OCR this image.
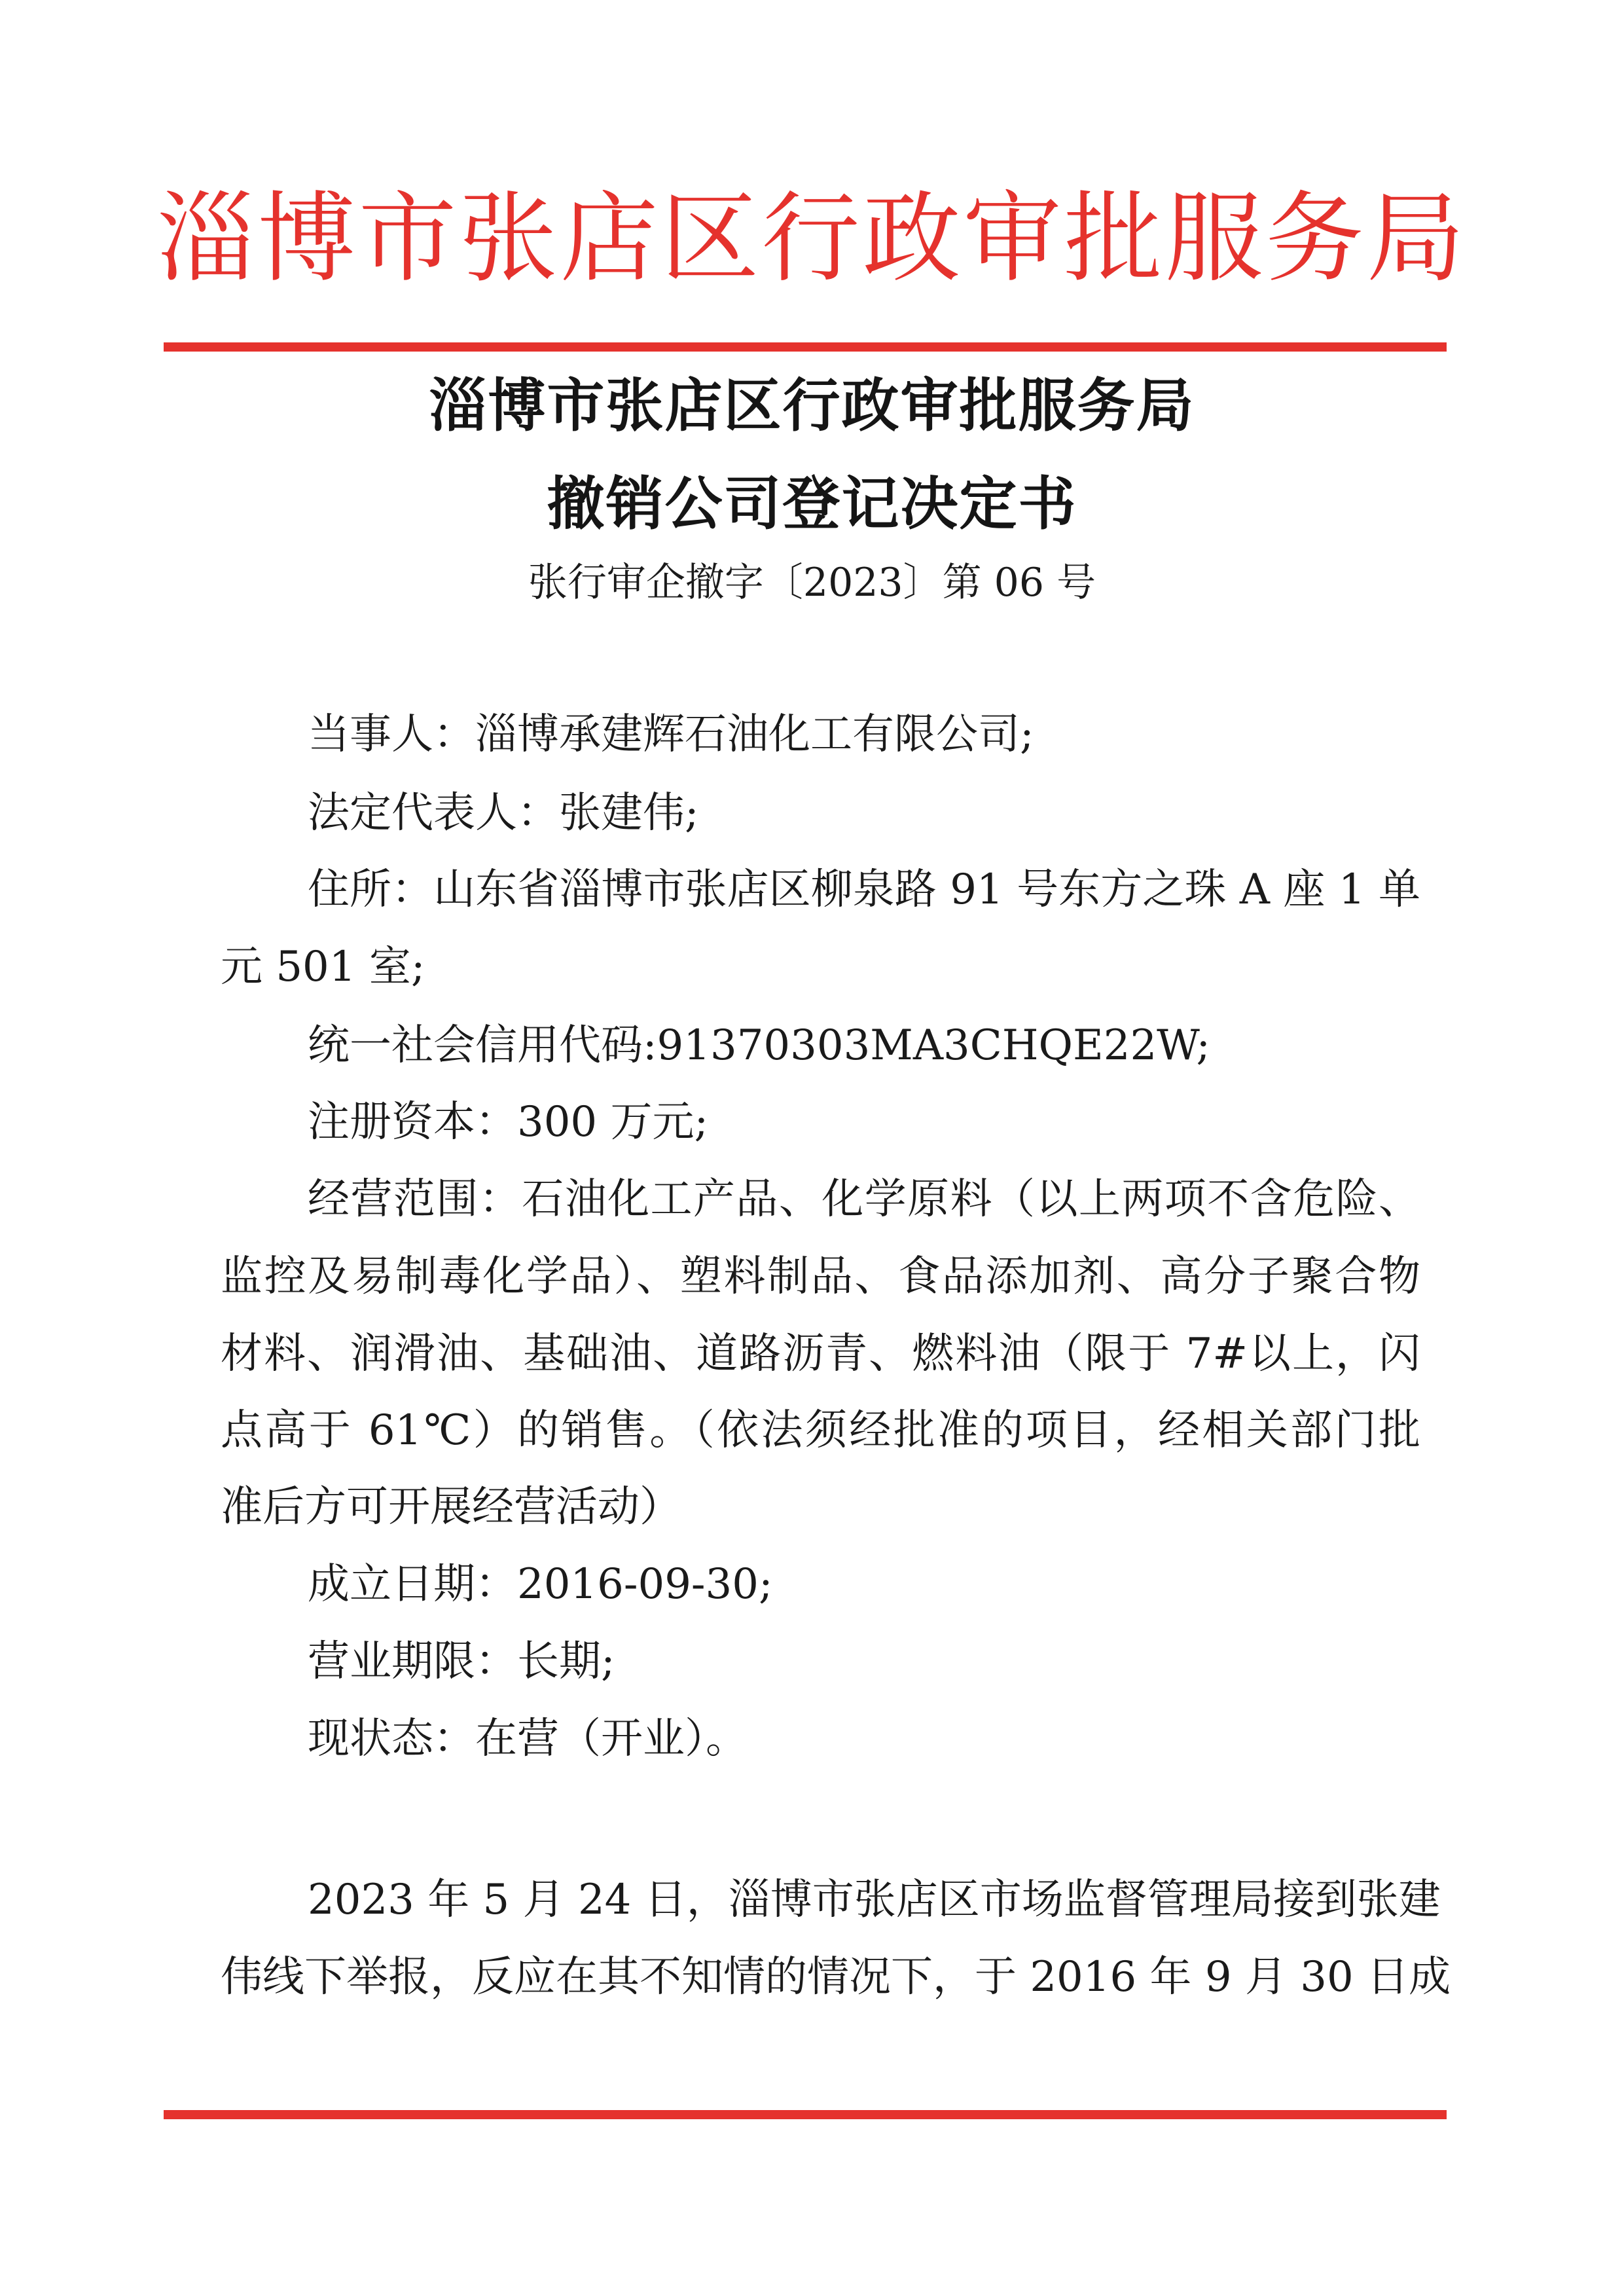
淄博市张店区行政审批服务局
淄博市张店区行政审批服务局
撤销公司登记决定书
张行审企撤字〔2023〕第 06 号
当事人：淄博承建辉石油化工有限公司;
法定代表人：张建伟;
住所：山东省淄博市张店区柳泉路 91 号东方之珠 A 座 1 单
元 501 室;
统一社会信用代码:91370303MA3CHQE22W;
注册资本：300 万元;
经营范围：石油化工产品、化学原料（以上两项不含危险、
监控及易制毒化学品）、塑料制品、食品添加剂、高分子聚合物
材料、润滑油、基础油、道路沥青、燃料油（限于 7#以上，闪
点高于 61℃）的销售。（依法须经批准的项目，经相关部门批
准后方可开展经营活动）
成立日期：2016-09-30;
营业期限：长期;
现状态：在营（开业）。
2023 年 5 月 24 日，淄博市张店区市场监督管理局接到张建
伟线下举报，反应在其不知情的情况下，于 2016 年 9 月 30 日成
